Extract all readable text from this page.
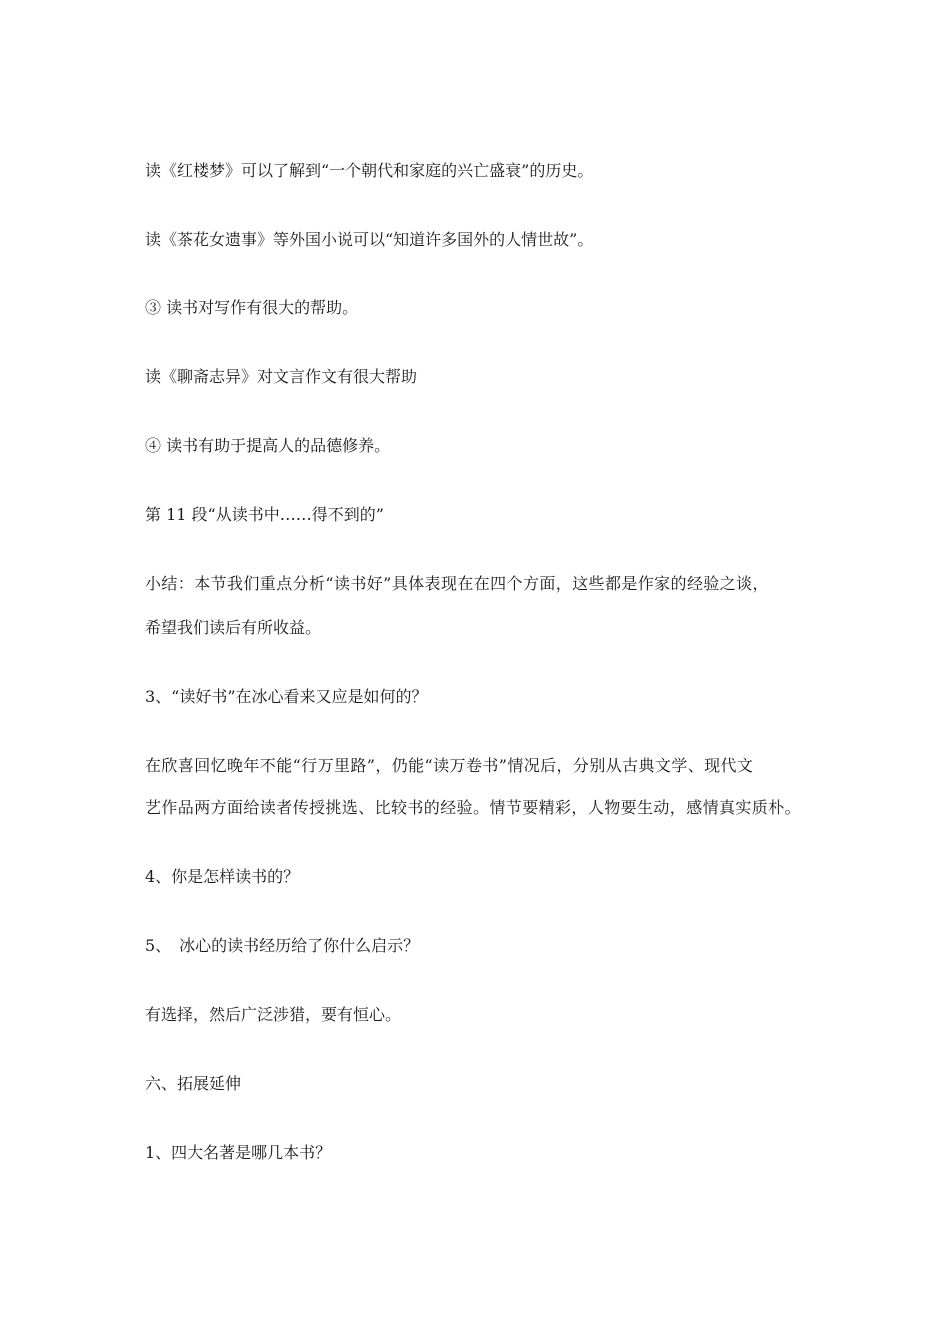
读《红楼梦》可以了解到“一个朝代和家庭的兴亡盛衰”的历史。
读《茶花女遗事》等外国小说可以“知道许多国外的人情世故”。
③ 读书对写作有很大的帮助。
读《聊斋志异》对文言作文有很大帮助
④ 读书有助于提高人的品德修养。
第 11 段“从读书中……得不到的”
小结：本节我们重点分析“读书好”具体表现在在四个方面，这些都是作家的经验之谈，
希望我们读后有所收益。
3、“读好书”在冰心看来又应是如何的？
在欣喜回忆晚年不能“行万里路”，仍能“读万卷书”情况后，分别从古典文学、现代文
艺作品两方面给读者传授挑选、比较书的经验。情节要精彩，人物要生动，感情真实质朴。
4、你是怎样读书的？
5、　冰心的读书经历给了你什么启示？
有选择，然后广泛涉猎，要有恒心。
六、拓展延伸
1、四大名著是哪几本书？
